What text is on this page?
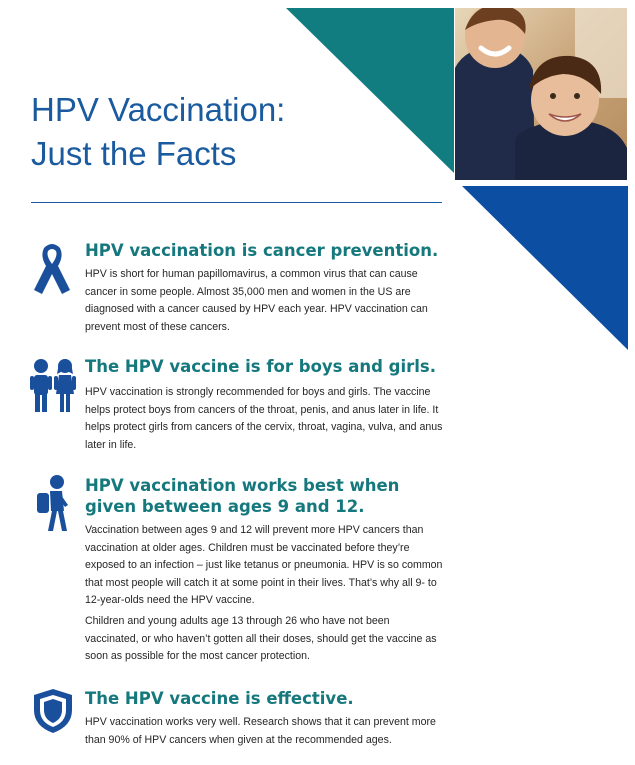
HPV Vaccination:
Just the Facts
HPV vaccination is cancer prevention.

HPV is short for human papillomavirus, a common virus that can cause cancer in some people. Almost 35,000 men and women in the US are diagnosed with a cancer caused by HPV each year. HPV vaccination can prevent most of these cancers.

The HPV vaccine is for boys and girls.

HPV vaccination is strongly recommended for boys and girls. The vaccine helps protect boys from cancers of the throat, penis, and anus later in life. It helps protect girls from cancers of the cervix, throat, vagina, vulva, and anus later in life.

HPV vaccination works best when given between ages 9 and 12.

Vaccination between ages 9 and 12 will prevent more HPV cancers than vaccination at older ages. Children must be vaccinated before they’re exposed to an infection – just like tetanus or pneumonia. HPV is so common that most people will catch it at some point in their lives. That’s why all 9- to 12-year-olds need the HPV vaccine.

Children and young adults age 13 through 26 who have not been vaccinated, or who haven’t gotten all their doses, should get the vaccine as soon as possible for the most cancer protection.

The HPV vaccine is effective.

HPV vaccination works very well. Research shows that it can prevent more than 90% of HPV cancers when given at the recommended ages.
